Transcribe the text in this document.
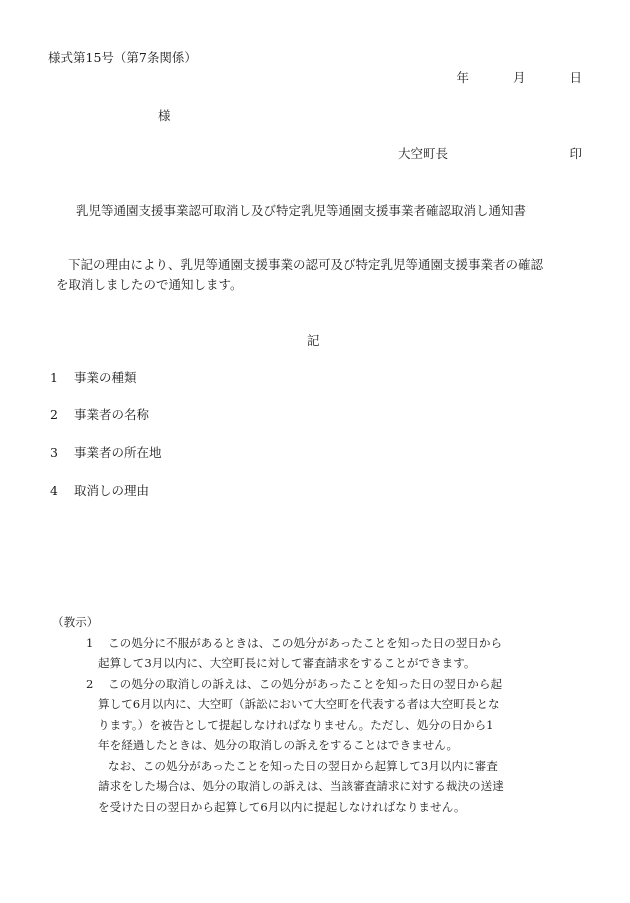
様式第15号（第7条関係）
年	月	日
様
大空町長	印
乳児等通園支援事業認可取消し及び特定乳児等通園支援事業者確認取消し通知書
下記の理由により、乳児等通園支援事業の認可及び特定乳児等通園支援事業者の確認
を取消しましたので通知します。
記
1 事業の種類
2 事業者の名称
3 事業者の所在地
4 取消しの理由
（教示）
1	この処分に不服があるときは、この処分があったことを知った日の翌日から
起算して3月以内に、大空町長に対して審査請求をすることができます。
2	この処分の取消しの訴えは、この処分があったことを知った日の翌日から起
算して6月以内に、大空町（訴訟において大空町を代表する者は大空町長とな
ります。）を被告として提起しなければなりません。ただし、処分の日から1
年を経過したときは、処分の取消しの訴えをすることはできません。
なお、この処分があったことを知った日の翌日から起算して3月以内に審査
請求をした場合は、処分の取消しの訴えは、当該審査請求に対する裁決の送達
を受けた日の翌日から起算して6月以内に提起しなければなりません。
